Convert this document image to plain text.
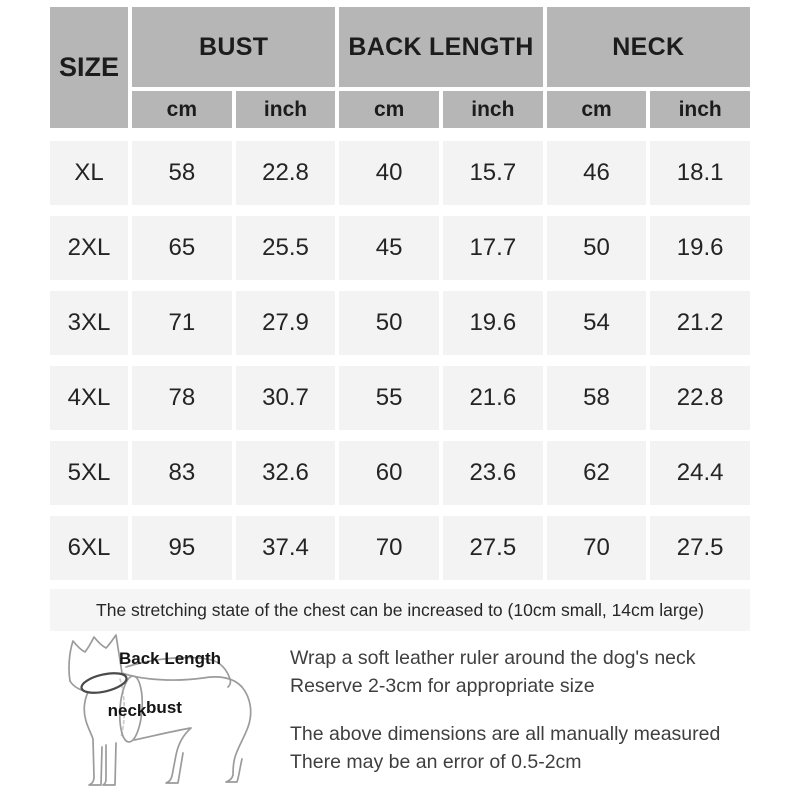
SIZE
BUST	BACK LENGTH	NECK
cm	inch	cm	inch	cm	inch
XL	58	22.8	40	15.7	46	18.1
2XL	65	25.5	45	17.7	50	19.6
3XL	71	27.9	50	19.6	54	21.2
4XL	78	30.7	55	21.6	58	22.8
5XL	83	32.6	60	23.6	62	24.4
6XL	95	37.4	70	27.5	70	27.5
The stretching state of the chest can be increased to (10cm small, 14cm large)
Back Length
neck bust
Wrap a soft leather ruler around the dog's neck
Reserve 2-3cm for appropriate size
The above dimensions are all manually measured
There may be an error of 0.5-2cm
